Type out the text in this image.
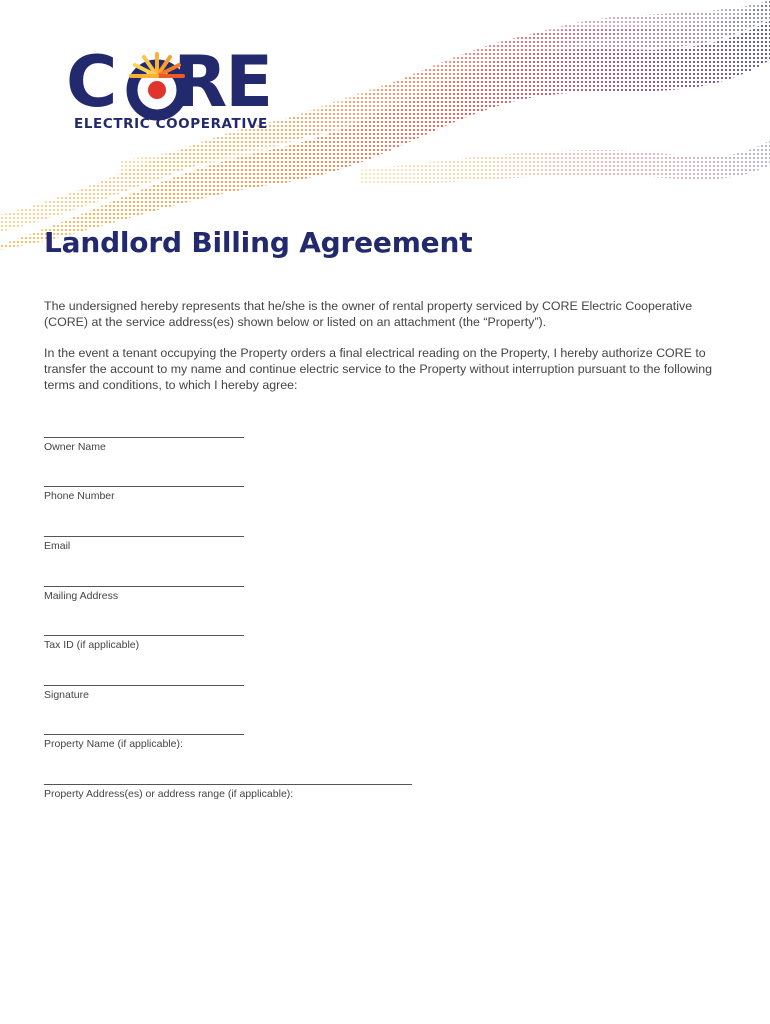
C RE
ELECTRIC COOPERATIVE
Landlord Billing Agreement

The undersigned hereby represents that he/she is the owner of rental property serviced by CORE Electric Cooperative (CORE) at the service address(es) shown below or listed on an attachment (the “Property”).

In the event a tenant occupying the Property orders a final electrical reading on the Property, I hereby authorize CORE to transfer the account to my name and continue electric service to the Property without interruption pursuant to the following terms and conditions, to which I hereby agree:

Owner Name
Phone Number
Email
Mailing Address
Tax ID (if applicable)
Signature
Property Name (if applicable):
Property Address(es) or address range (if applicable):
